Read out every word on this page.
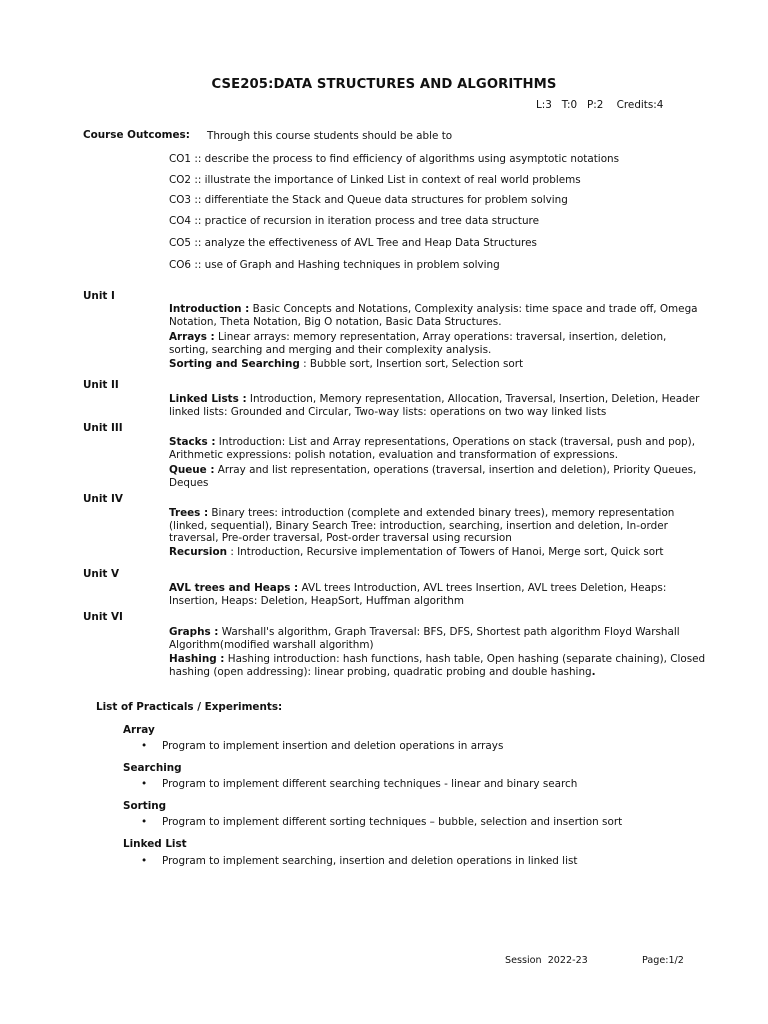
CSE205:DATA STRUCTURES AND ALGORITHMS
L:3   T:0   P:2    Credits:4
Course Outcomes: Through this course students should be able to
CO1 :: describe the process to find efficiency of algorithms using asymptotic notations
CO2 :: illustrate the importance of Linked List in context of real world problems
CO3 :: differentiate the Stack and Queue data structures for problem solving
CO4 :: practice of recursion in iteration process and tree data structure
CO5 :: analyze the effectiveness of AVL Tree and Heap Data Structures
CO6 :: use of Graph and Hashing techniques in problem solving
Unit I
Introduction : Basic Concepts and Notations, Complexity analysis: time space and trade off, Omega Notation, Theta Notation, Big O notation, Basic Data Structures.
Arrays : Linear arrays: memory representation, Array operations: traversal, insertion, deletion, sorting, searching and merging and their complexity analysis.
Sorting and Searching : Bubble sort, Insertion sort, Selection sort
Unit II
Linked Lists : Introduction, Memory representation, Allocation, Traversal, Insertion, Deletion, Header linked lists: Grounded and Circular, Two-way lists: operations on two way linked lists
Unit III
Stacks : Introduction: List and Array representations, Operations on stack (traversal, push and pop), Arithmetic expressions: polish notation, evaluation and transformation of expressions.
Queue : Array and list representation, operations (traversal, insertion and deletion), Priority Queues, Deques
Unit IV
Trees : Binary trees: introduction (complete and extended binary trees), memory representation (linked, sequential), Binary Search Tree: introduction, searching, insertion and deletion, In-order traversal, Pre-order traversal, Post-order traversal using recursion
Recursion : Introduction, Recursive implementation of Towers of Hanoi, Merge sort, Quick sort
Unit V
AVL trees and Heaps : AVL trees Introduction, AVL trees Insertion, AVL trees Deletion, Heaps: Insertion, Heaps: Deletion, HeapSort, Huffman algorithm
Unit VI
Graphs : Warshall's algorithm, Graph Traversal: BFS, DFS, Shortest path algorithm Floyd Warshall Algorithm(modified warshall algorithm)
Hashing : Hashing introduction: hash functions, hash table, Open hashing (separate chaining), Closed hashing (open addressing): linear probing, quadratic probing and double hashing.
List of Practicals / Experiments:
Array
• Program to implement insertion and deletion operations in arrays
Searching
• Program to implement different searching techniques - linear and binary search
Sorting
• Program to implement different sorting techniques – bubble, selection and insertion sort
Linked List
• Program to implement searching, insertion and deletion operations in linked list
Session  2022-23	Page:1/2
